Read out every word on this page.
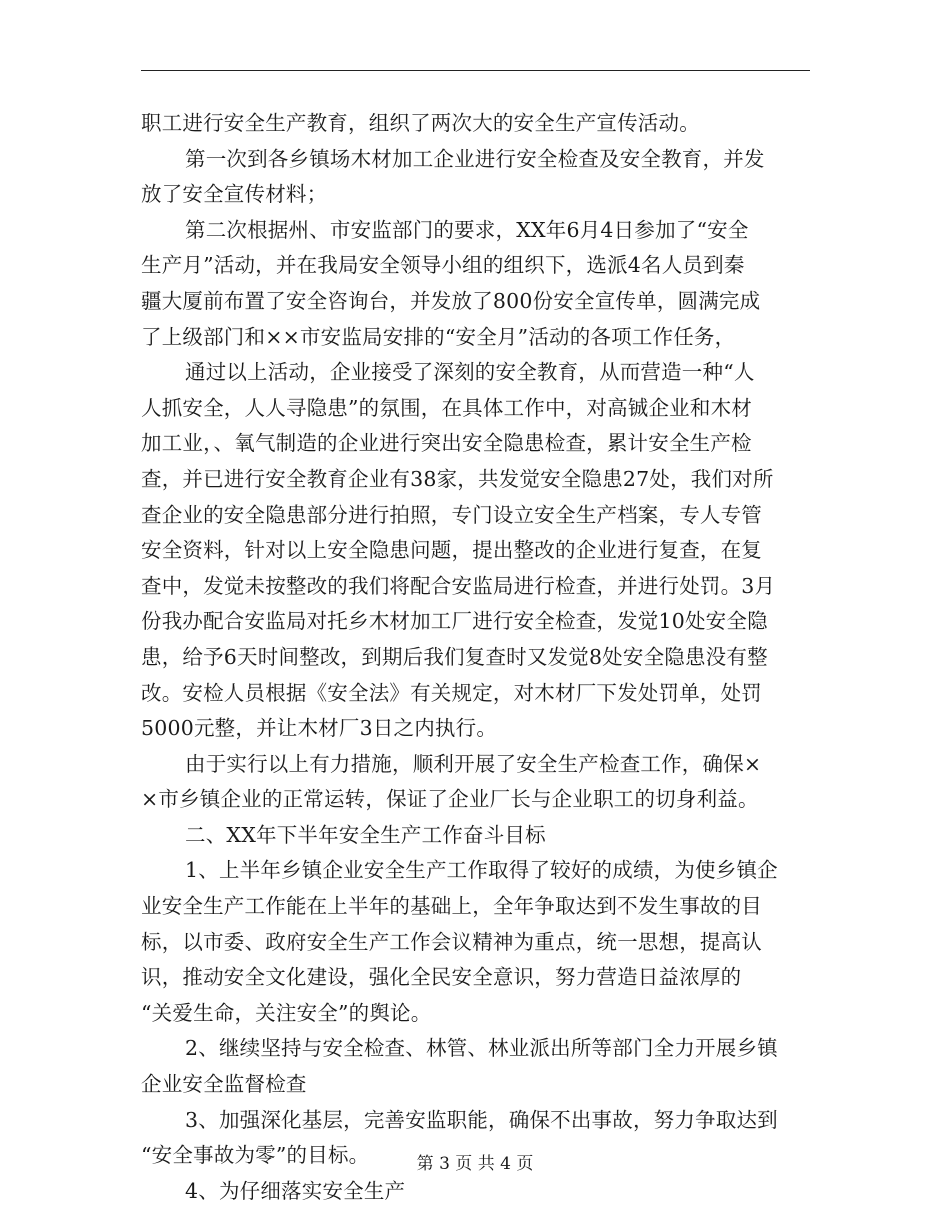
职工进行安全生产教育，组织了两次大的安全生产宣传活动。
第一次到各乡镇场木材加工企业进行安全检查及安全教育，并发
放了安全宣传材料；
第二次根据州、市安监部门的要求，XX年6月4日参加了“安全
生产月”活动，并在我局安全领导小组的组织下，选派4名人员到秦
疆大厦前布置了安全咨询台，并发放了800份安全宣传单，圆满完成
了上级部门和××市安监局安排的“安全月”活动的各项工作任务，
通过以上活动，企业接受了深刻的安全教育，从而营造一种“人
人抓安全，人人寻隐患”的氛围，在具体工作中，对高铖企业和木材
加工业，、氧气制造的企业进行突出安全隐患检查，累计安全生产检
查，并已进行安全教育企业有38家，共发觉安全隐患27处，我们对所
查企业的安全隐患部分进行拍照，专门设立安全生产档案，专人专管
安全资料，针对以上安全隐患问题，提出整改的企业进行复查，在复
查中，发觉未按整改的我们将配合安监局进行检查，并进行处罚。3月
份我办配合安监局对托乡木材加工厂进行安全检查，发觉10处安全隐
患，给予6天时间整改，到期后我们复查时又发觉8处安全隐患没有整
改。安检人员根据《安全法》有关规定，对木材厂下发处罚单，处罚
5000元整，并让木材厂3日之内执行。
由于实行以上有力措施，顺利开展了安全生产检查工作，确保×
×市乡镇企业的正常运转，保证了企业厂长与企业职工的切身利益。
二、XX年下半年安全生产工作奋斗目标
1、上半年乡镇企业安全生产工作取得了较好的成绩，为使乡镇企
业安全生产工作能在上半年的基础上，全年争取达到不发生事故的目
标，以市委、政府安全生产工作会议精神为重点，统一思想，提高认
识，推动安全文化建设，强化全民安全意识，努力营造日益浓厚的
“关爱生命，关注安全”的舆论。
2、继续坚持与安全检查、林管、林业派出所等部门全力开展乡镇
企业安全监督检查
3、加强深化基层，完善安监职能，确保不出事故，努力争取达到
“安全事故为零”的目标。
4、为仔细落实安全生产
第 3 页 共 4 页
